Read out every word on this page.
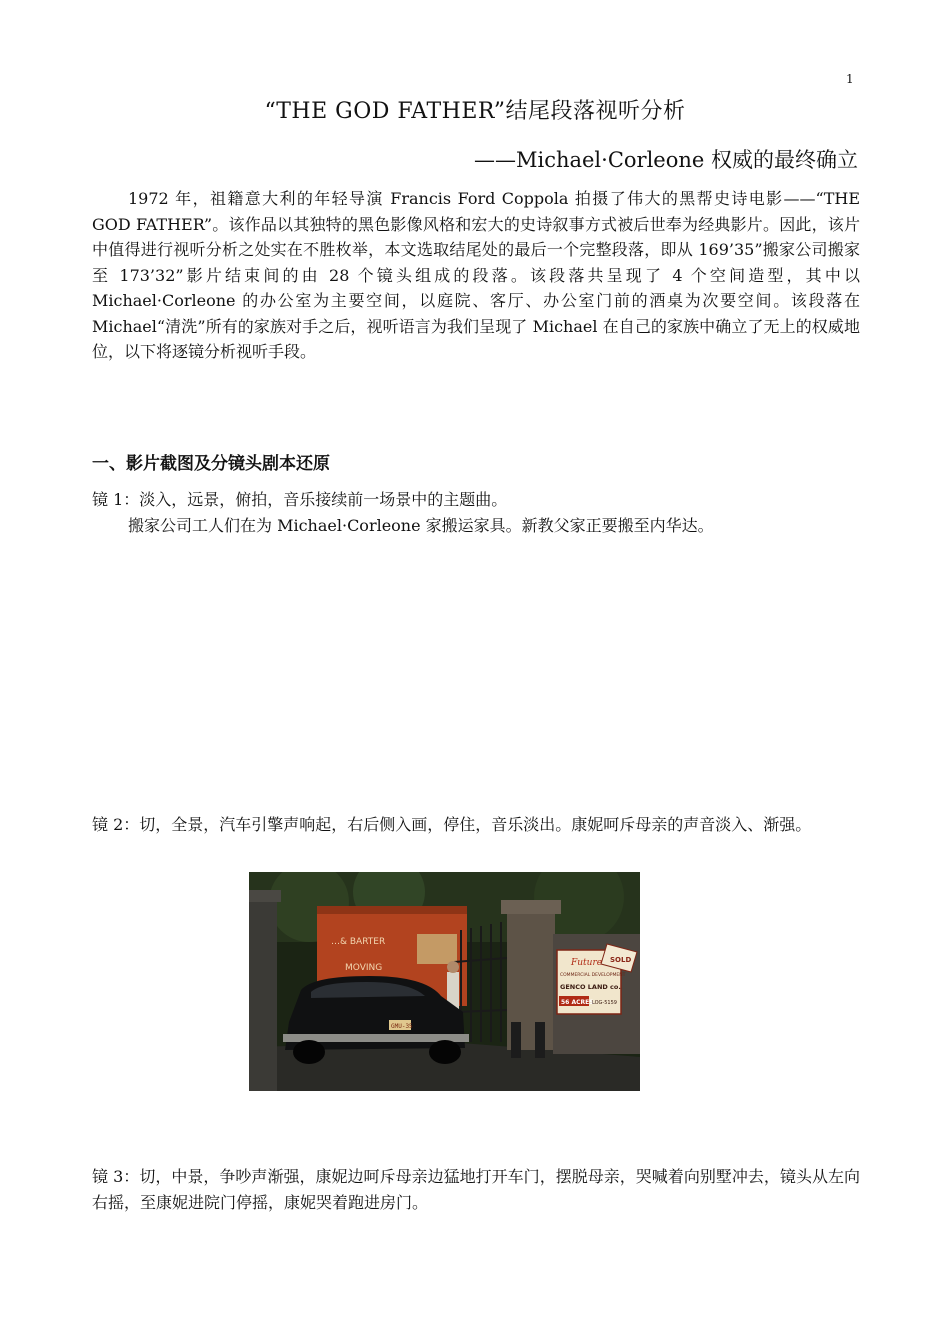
1
“THE GOD FATHER”结尾段落视听分析
——Michael·Corleone 权威的最终确立

1972 年，祖籍意大利的年轻导演 Francis Ford Coppola 拍摄了伟大的黑帮史诗电影——“THE GOD FATHER”。该作品以其独特的黑色影像风格和宏大的史诗叙事方式被后世奉为经典影片。因此，该片中值得进行视听分析之处实在不胜枚举，本文选取结尾处的最后一个完整段落，即从 169’35”搬家公司搬家至 173’32”影片结束间的由 28 个镜头组成的段落。该段落共呈现了 4 个空间造型，其中以 Michael·Corleone 的办公室为主要空间，以庭院、客厅、办公室门前的酒桌为次要空间。该段落在 Michael“清洗”所有的家族对手之后，视听语言为我们呈现了 Michael 在自己的家族中确立了无上的权威地位，以下将逐镜分析视听手段。

一、影片截图及分镜头剧本还原

镜 1：淡入，远景，俯拍，音乐接续前一场景中的主题曲。

搬家公司工人们在为 Michael·Corleone 家搬运家具。新教父家正要搬至内华达。

镜 2：切，全景，汽车引擎声响起，右后侧入画，停住，音乐淡出。康妮呵斥母亲的声音淡入、渐强。

…& BARTER
MOVING
SOLD
Future
COMMERCIAL DEVELOPMENT
GENCO LAND co.
56 ACRES
LOG-5159
GMU-35

镜 3：切，中景，争吵声渐强，康妮边呵斥母亲边猛地打开车门，摆脱母亲，哭喊着向别墅冲去，镜头从左向右摇，至康妮进院门停摇，康妮哭着跑进房门。
